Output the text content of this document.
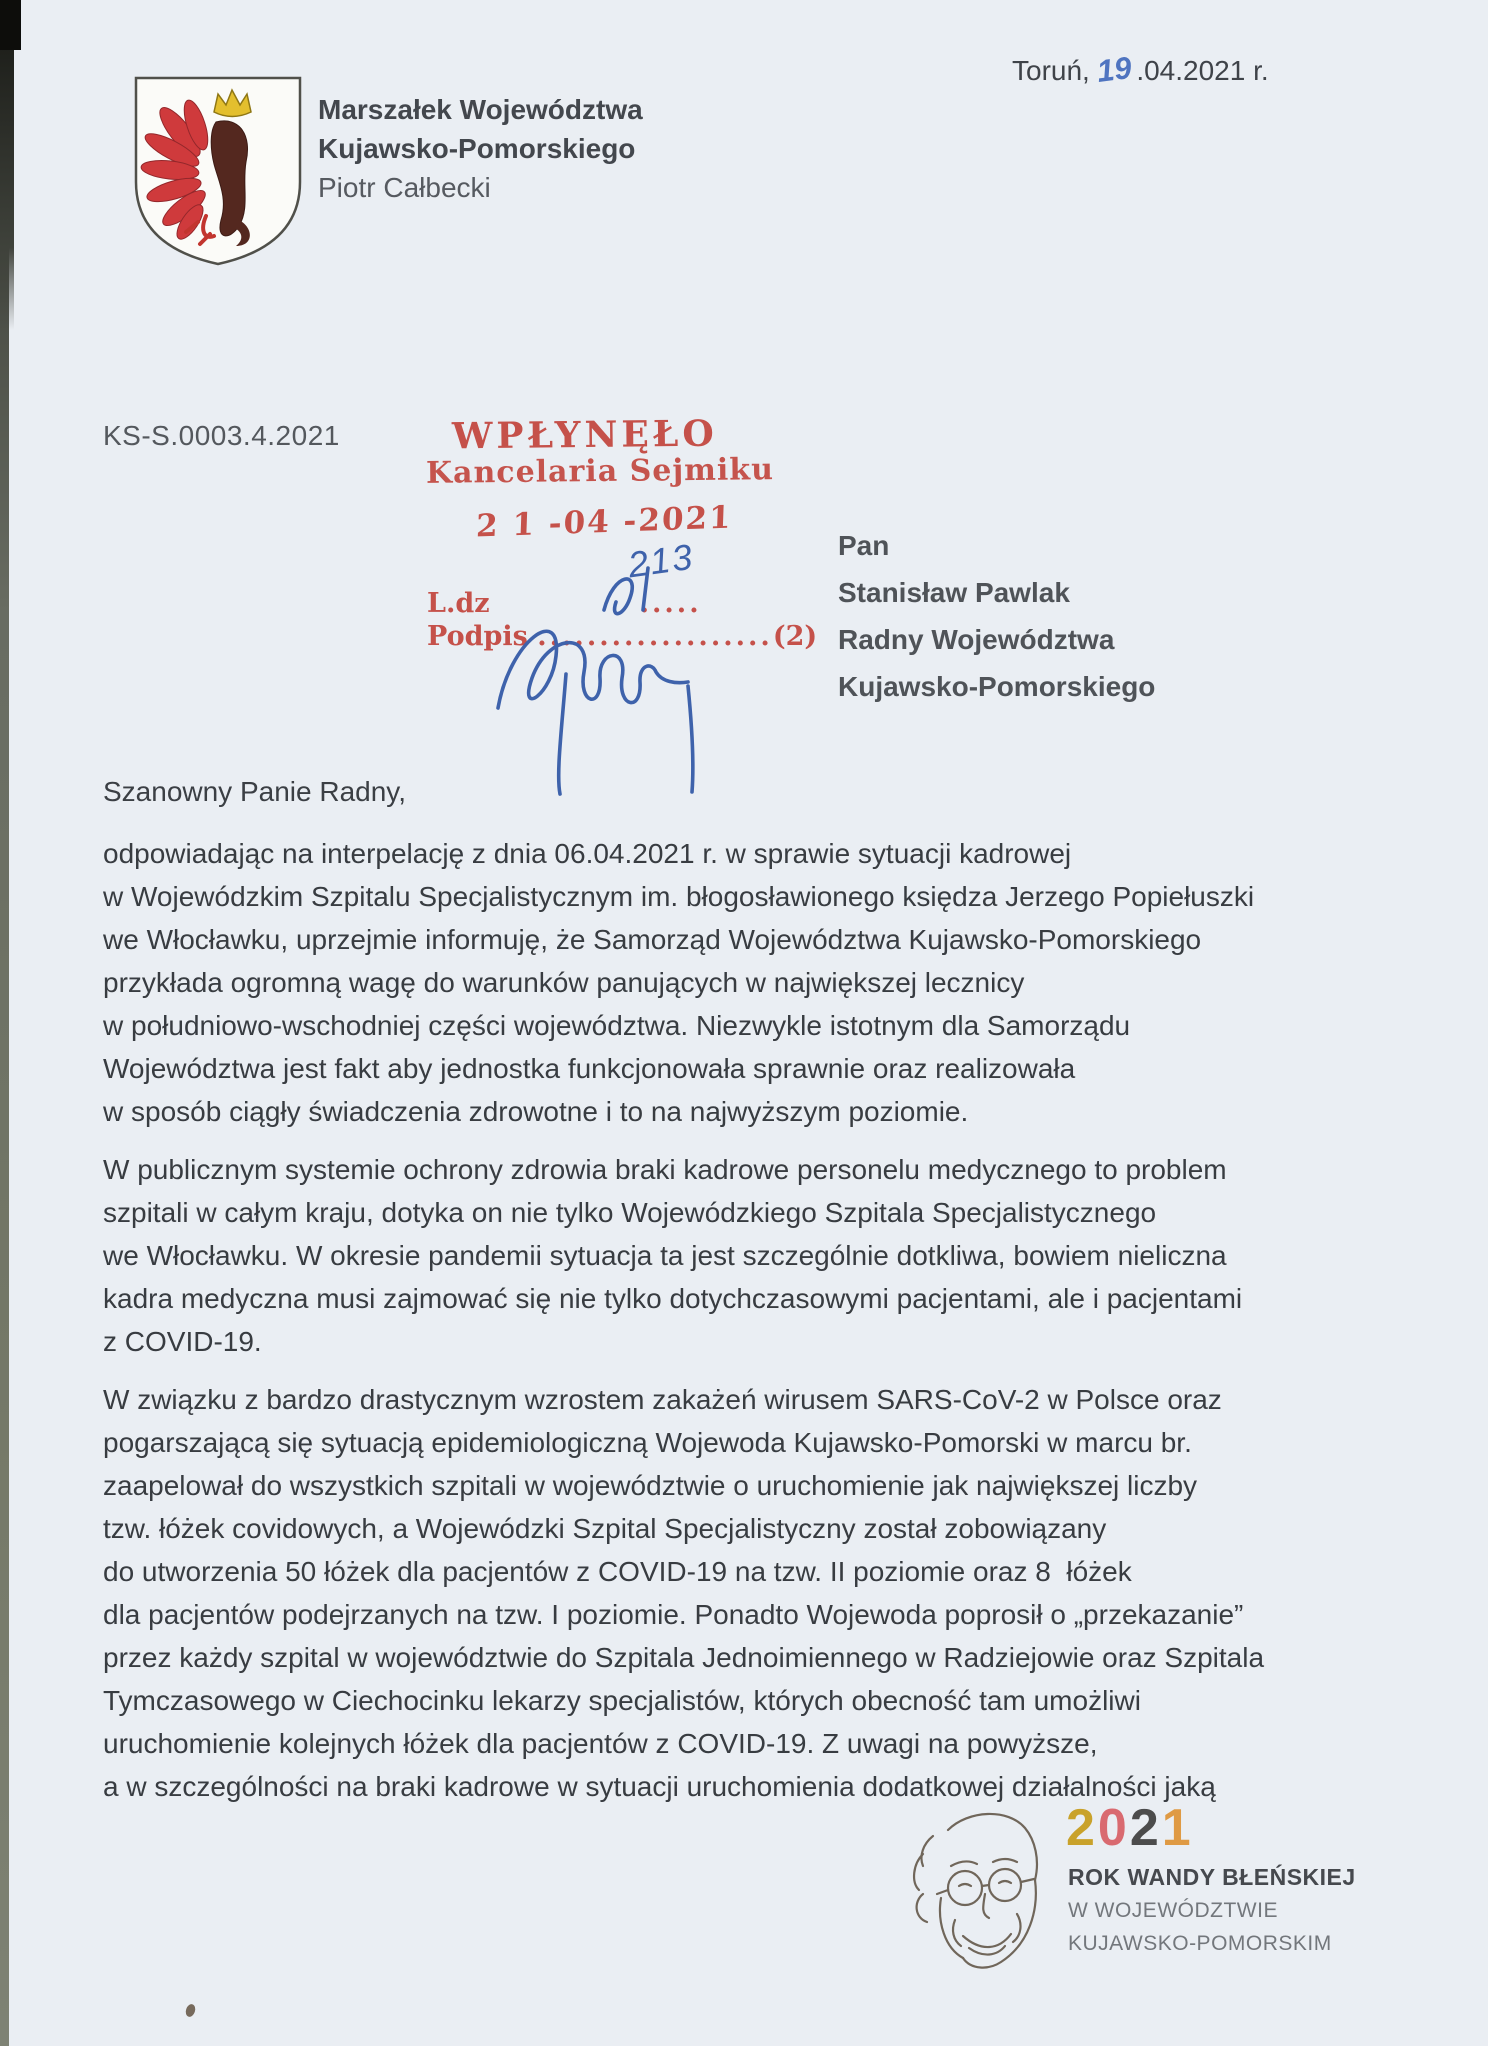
Marszałek Województwa
Kujawsko-Pomorskiego
Piotr Całbecki
Toruń, 19 .04.2021 r.
KS-S.0003.4.2021	WPŁYNĘŁO
Kancelaria Sejmiku
2 1 -04 -2021
L.dz	.....
Podpis ...................(2)
213	Pan
Stanisław Pawlak
Radny Województwa
Kujawsko-Pomorskiego
Szanowny Panie Radny,
odpowiadając na interpelację z dnia 06.04.2021 r. w sprawie sytuacji kadrowej
w Wojewódzkim Szpitalu Specjalistycznym im. błogosławionego księdza Jerzego Popiełuszki
we Włocławku, uprzejmie informuję, że Samorząd Województwa Kujawsko-Pomorskiego
przykłada ogromną wagę do warunków panujących w największej lecznicy
w południowo-wschodniej części województwa. Niezwykle istotnym dla Samorządu
Województwa jest fakt aby jednostka funkcjonowała sprawnie oraz realizowała
w sposób ciągły świadczenia zdrowotne i to na najwyższym poziomie.
W publicznym systemie ochrony zdrowia braki kadrowe personelu medycznego to problem
szpitali w całym kraju, dotyka on nie tylko Wojewódzkiego Szpitala Specjalistycznego
we Włocławku. W okresie pandemii sytuacja ta jest szczególnie dotkliwa, bowiem nieliczna
kadra medyczna musi zajmować się nie tylko dotychczasowymi pacjentami, ale i pacjentami
z COVID-19.
W związku z bardzo drastycznym wzrostem zakażeń wirusem SARS-CoV-2 w Polsce oraz
pogarszającą się sytuacją epidemiologiczną Wojewoda Kujawsko-Pomorski w marcu br.
zaapelował do wszystkich szpitali w województwie o uruchomienie jak największej liczby
tzw. łóżek covidowych, a Wojewódzki Szpital Specjalistyczny został zobowiązany
do utworzenia 50 łóżek dla pacjentów z COVID-19 na tzw. II poziomie oraz 8  łóżek
dla pacjentów podejrzanych na tzw. I poziomie. Ponadto Wojewoda poprosił o „przekazanie”
przez każdy szpital w województwie do Szpitala Jednoimiennego w Radziejowie oraz Szpitala
Tymczasowego w Ciechocinku lekarzy specjalistów, których obecność tam umożliwi
uruchomienie kolejnych łóżek dla pacjentów z COVID-19. Z uwagi na powyższe,
a w szczególności na braki kadrowe w sytuacji uruchomienia dodatkowej działalności jaką
2021
ROK WANDY BŁEŃSKIEJ
W WOJEWÓDZTWIE
KUJAWSKO-POMORSKIM
